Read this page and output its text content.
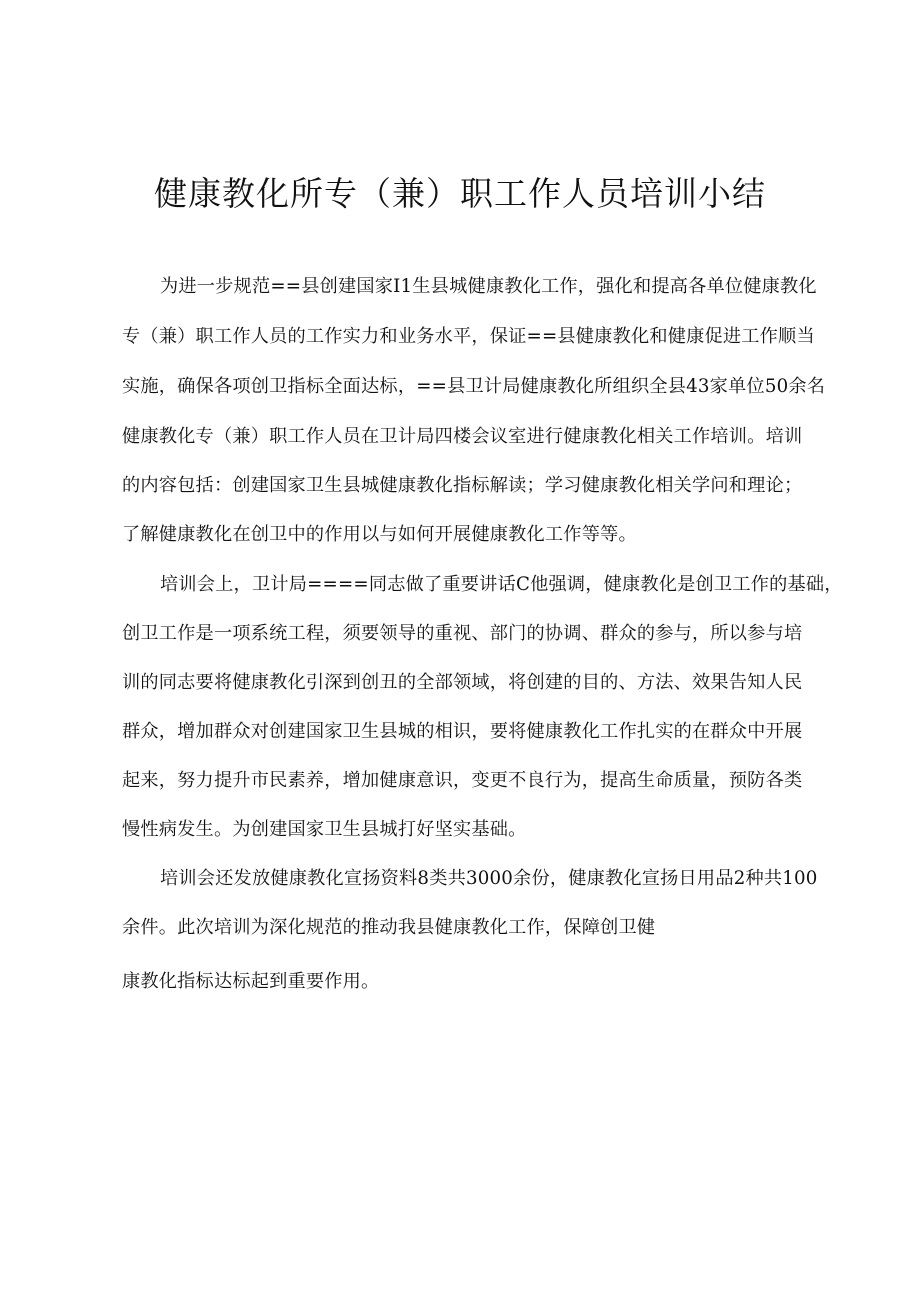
健康教化所专（兼）职工作人员培训小结
为进一步规范==县创建国家I1生县城健康教化工作，强化和提高各单位健康教化
专（兼）职工作人员的工作实力和业务水平，保证==县健康教化和健康促进工作顺当
实施，确保各项创卫指标全面达标，==县卫计局健康教化所组织全县43家单位50余名
健康教化专（兼）职工作人员在卫计局四楼会议室进行健康教化相关工作培训。培训
的内容包括：创建国家卫生县城健康教化指标解读；学习健康教化相关学问和理论；
了解健康教化在创卫中的作用以与如何开展健康教化工作等等。
培训会上，卫计局====同志做了重要讲话C他强调，健康教化是创卫工作的基础，
创卫工作是一项系统工程，须要领导的重视、部门的协调、群众的参与，所以参与培
训的同志要将健康教化引深到创丑的全部领域，将创建的目的、方法、效果告知人民
群众，增加群众对创建国家卫生县城的相识，要将健康教化工作扎实的在群众中开展
起来，努力提升市民素养，增加健康意识，变更不良行为，提高生命质量，预防各类
慢性病发生。为创建国家卫生县城打好坚实基础。
培训会还发放健康教化宣扬资料8类共3000余份，健康教化宣扬日用品2种共100
余件。此次培训为深化规范的推动我县健康教化工作，保障创卫健
康教化指标达标起到重要作用。
